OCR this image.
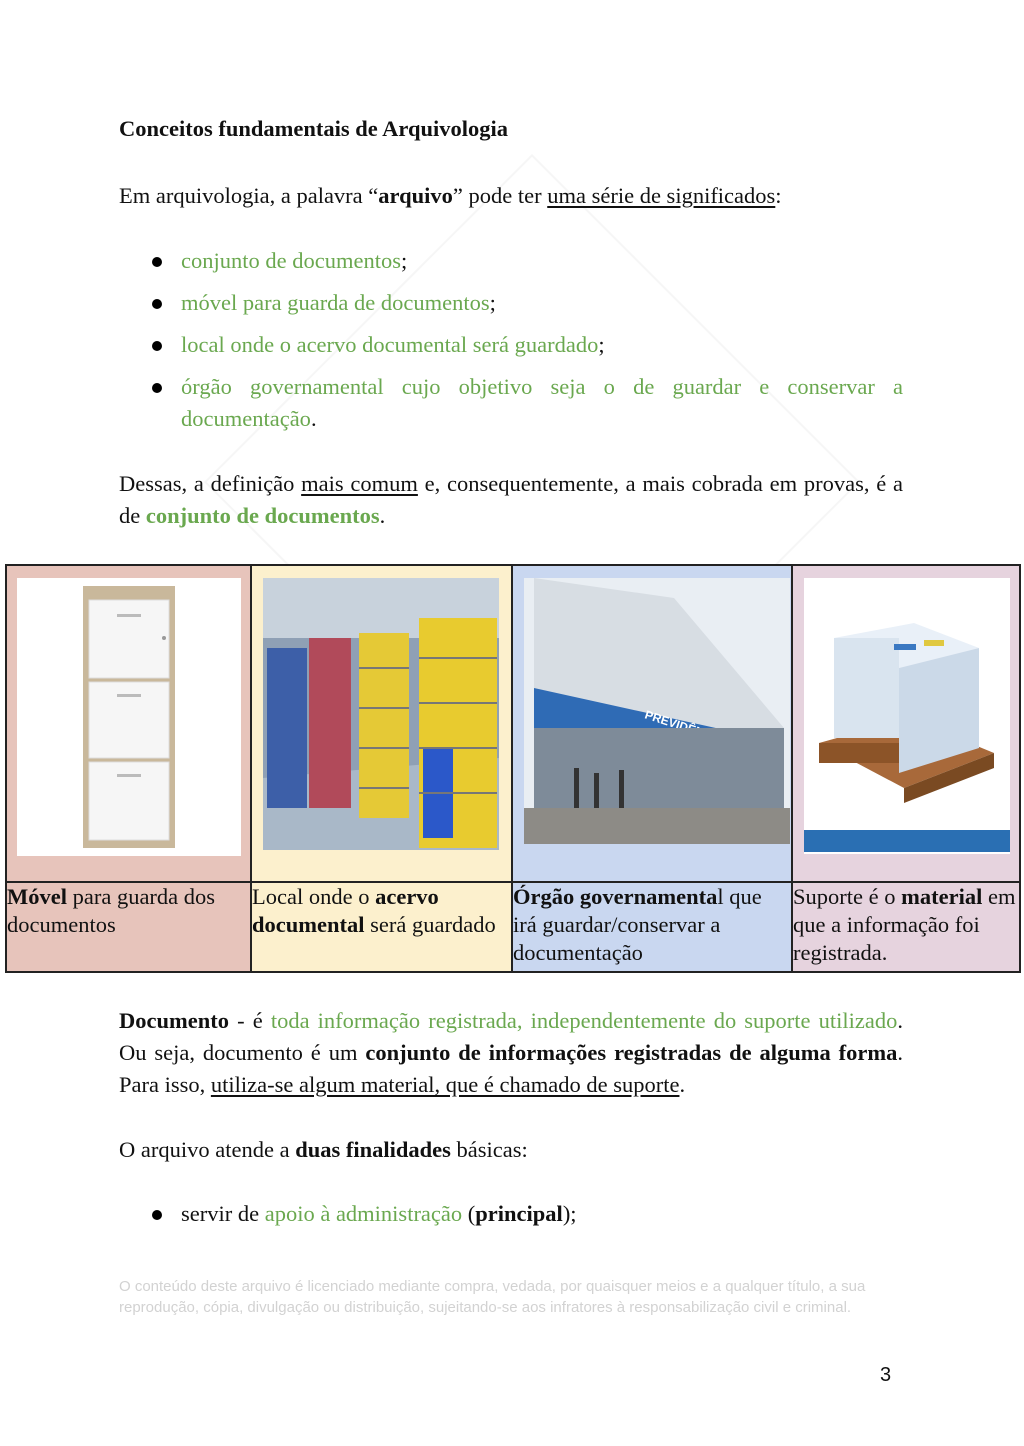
Conceitos fundamentais de Arquivologia
Em arquivologia, a palavra “arquivo” pode ter uma série de significados:
conjunto de documentos;
móvel para guarda de documentos;
local onde o acervo documental será guardado;
órgão governamental cujo objetivo seja o de guardar e conservar a documentação.
Dessas, a definição mais comum e, consequentemente, a mais cobrada em provas, é a de conjunto de documentos.

Móvel para guarda dos documentos	Local onde o acervo documental será guardado	Órgão governamental que irá guardar/conservar a documentação	Suporte é o material em que a informação foi registrada.
Documento - é toda informação registrada, independentemente do suporte utilizado. Ou seja, documento é um conjunto de informações registradas de alguma forma. Para isso, utiliza-se algum material, que é chamado de suporte.
O arquivo atende a duas finalidades básicas:
servir de apoio à administração (principal);
O conteúdo deste arquivo é licenciado mediante compra, vedada, por quaisquer meios e a qualquer título, a sua reprodução, cópia, divulgação ou distribuição, sujeitando-se aos infratores à responsabilização civil e criminal.
3
